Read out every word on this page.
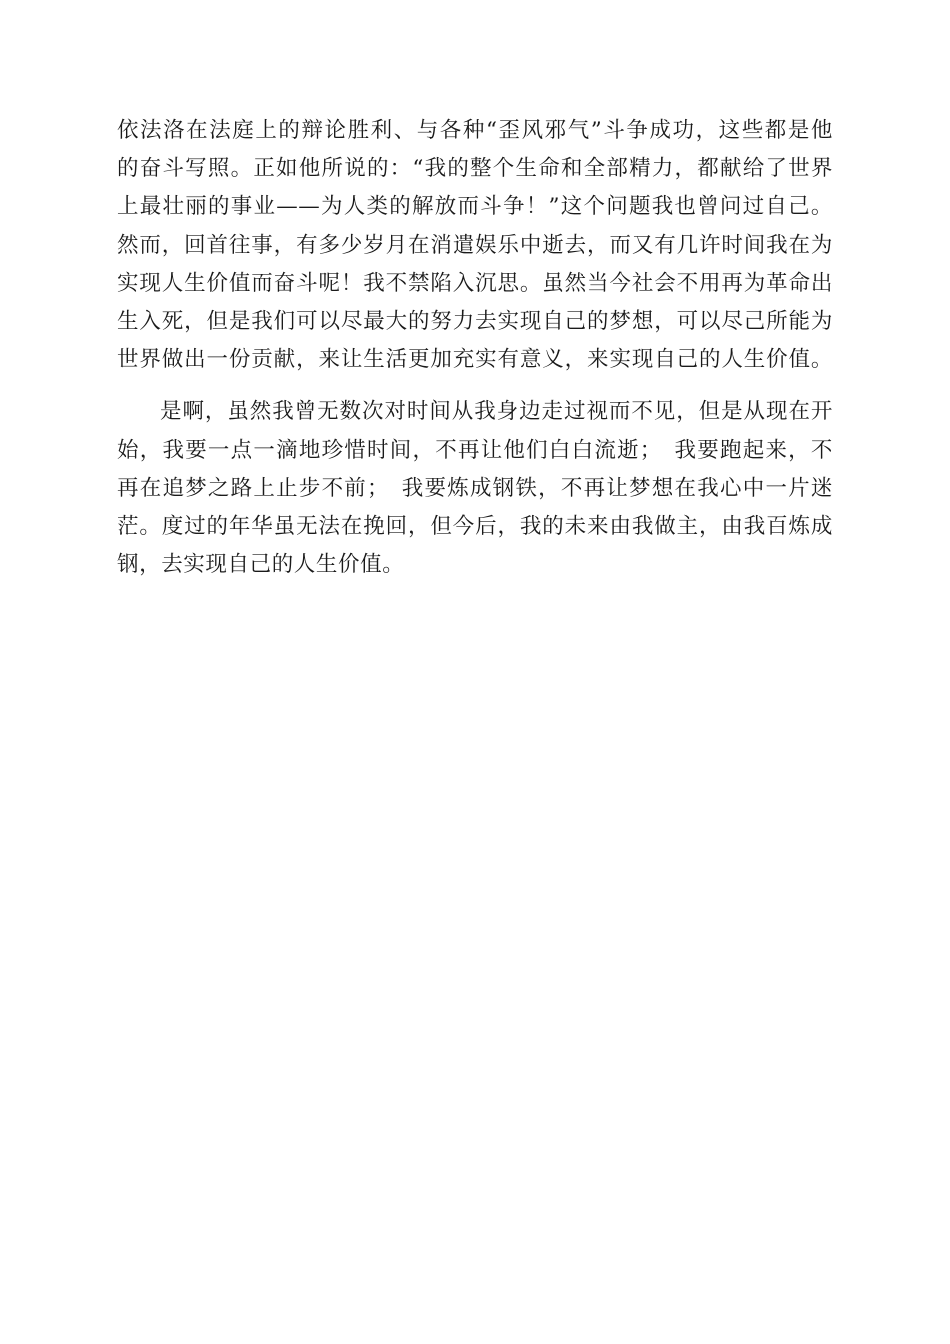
依法洛在法庭上的辩论胜利、与各种“歪风邪气”斗争成功，这些都是他
的奋斗写照。正如他所说的：“我的整个生命和全部精力，都献给了世界
上最壮丽的事业——为人类的解放而斗争！”这个问题我也曾问过自己。
然而，回首往事，有多少岁月在消遣娱乐中逝去，而又有几许时间我在为
实现人生价值而奋斗呢！我不禁陷入沉思。虽然当今社会不用再为革命出
生入死，但是我们可以尽最大的努力去实现自己的梦想，可以尽己所能为
世界做出一份贡献，来让生活更加充实有意义，来实现自己的人生价值。

是啊，虽然我曾无数次对时间从我身边走过视而不见，但是从现在开
始，我要一点一滴地珍惜时间，不再让他们白白流逝；　我要跑起来，不
再在追梦之路上止步不前；　我要炼成钢铁，不再让梦想在我心中一片迷
茫。度过的年华虽无法在挽回，但今后，我的未来由我做主，由我百炼成
钢，去实现自己的人生价值。
